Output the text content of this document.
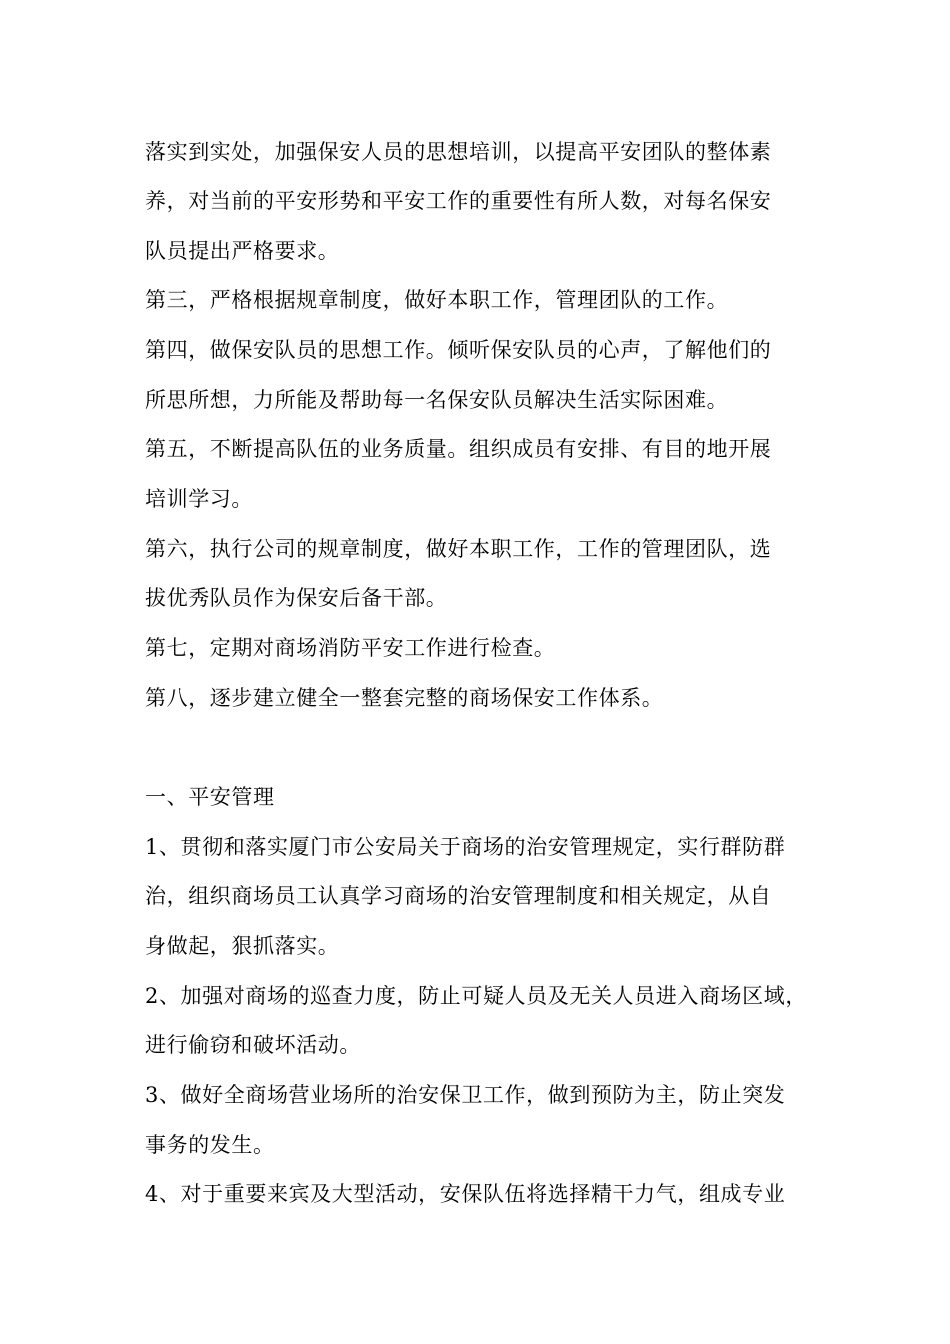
落实到实处，加强保安人员的思想培训，以提高平安团队的整体素
养，对当前的平安形势和平安工作的重要性有所人数，对每名保安
队员提出严格要求。
第三，严格根据规章制度，做好本职工作，管理团队的工作。
第四，做保安队员的思想工作。倾听保安队员的心声，了解他们的
所思所想，力所能及帮助每一名保安队员解决生活实际困难。
第五，不断提高队伍的业务质量。组织成员有安排、有目的地开展
培训学习。
第六，执行公司的规章制度，做好本职工作，工作的管理团队，选
拔优秀队员作为保安后备干部。
第七，定期对商场消防平安工作进行检查。
第八，逐步建立健全一整套完整的商场保安工作体系。
一、平安管理
1、贯彻和落实厦门市公安局关于商场的治安管理规定，实行群防群
治，组织商场员工认真学习商场的治安管理制度和相关规定，从自
身做起，狠抓落实。
2、加强对商场的巡查力度，防止可疑人员及无关人员进入商场区域，
进行偷窃和破坏活动。
3、做好全商场营业场所的治安保卫工作，做到预防为主，防止突发
事务的发生。
4、对于重要来宾及大型活动，安保队伍将选择精干力气，组成专业
